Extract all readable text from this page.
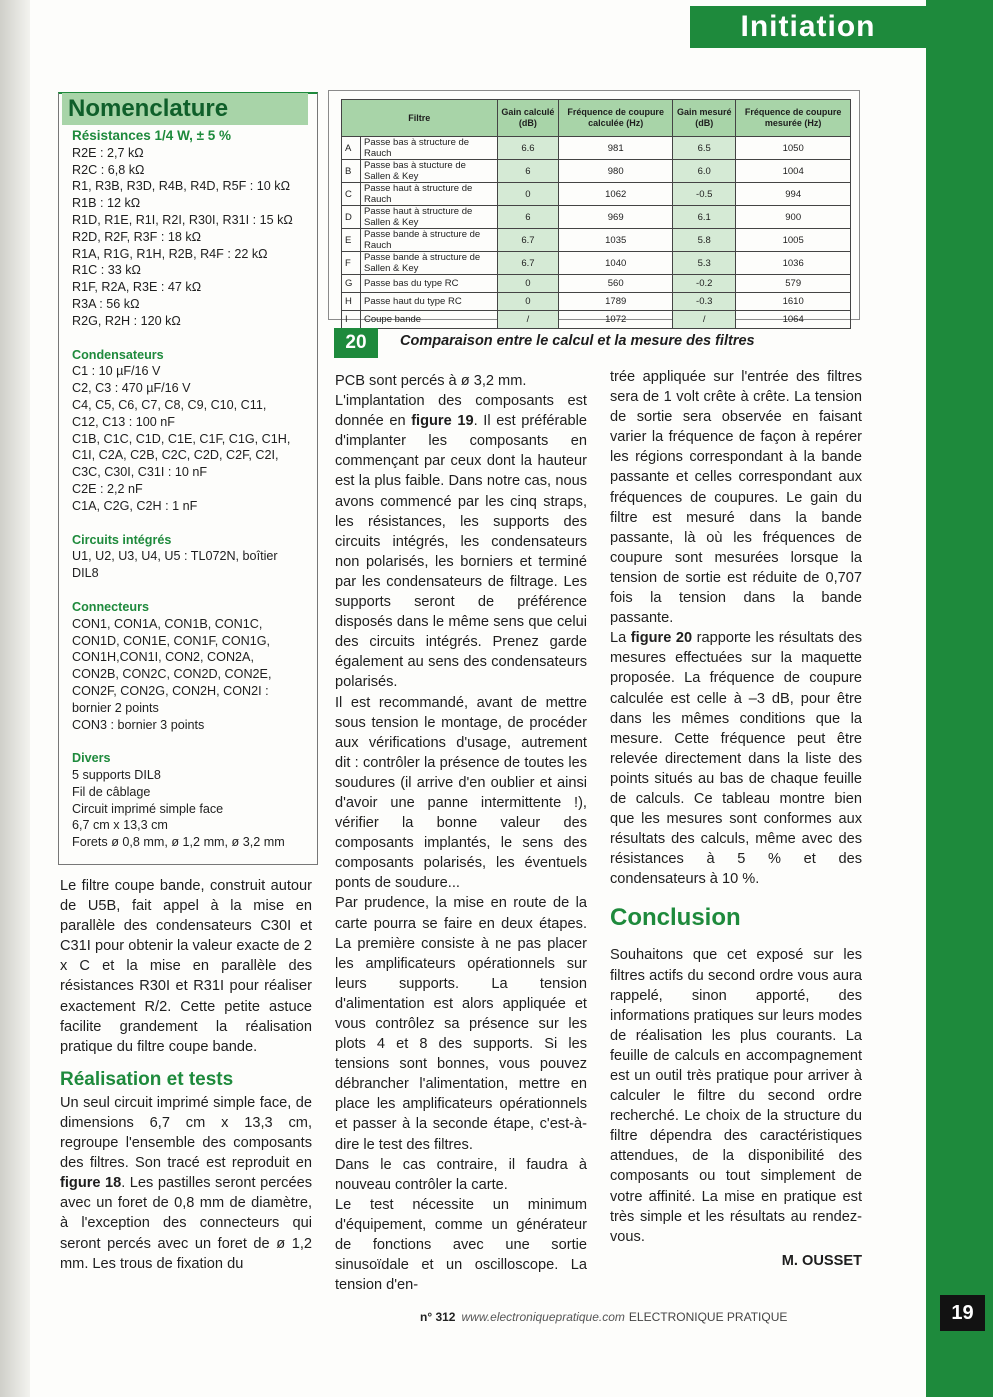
Initiation
Nomenclature
Résistances 1/4 W, ± 5 %
R2E : 2,7 kΩ
R2C : 6,8 kΩ
R1, R3B, R3D, R4B, R4D, R5F : 10 kΩ
R1B : 12 kΩ
R1D, R1E, R1I, R2I, R30I, R31I : 15 kΩ
R2D, R2F, R3F : 18 kΩ
R1A, R1G, R1H, R2B, R4F : 22 kΩ
R1C : 33 kΩ
R1F, R2A, R3E : 47 kΩ
R3A : 56 kΩ
R2G, R2H : 120 kΩ
Condensateurs
C1 : 10 µF/16 V
C2, C3 : 470 µF/16 V
C4, C5, C6, C7, C8, C9, C10, C11,
C12, C13 : 100 nF
C1B, C1C, C1D, C1E, C1F, C1G, C1H,
C1I, C2A, C2B, C2C, C2D, C2F, C2I,
C3C, C30I, C31I : 10 nF
C2E : 2,2 nF
C1A, C2G, C2H : 1 nF
Circuits intégrés
U1, U2, U3, U4, U5 : TL072N, boîtier
DIL8
Connecteurs
CON1, CON1A, CON1B, CON1C,
CON1D, CON1E, CON1F, CON1G,
CON1H,CON1I, CON2, CON2A,
CON2B, CON2C, CON2D, CON2E,
CON2F, CON2G, CON2H, CON2I :
bornier 2 points
CON3 : bornier 3 points
Divers
5 supports DIL8
Fil de câblage
Circuit imprimé simple face
6,7 cm x 13,3 cm
Forets ø 0,8 mm, ø 1,2 mm, ø 3,2 mm
Filtre		Gain calculé (dB)	Fréquence de coupure calculée (Hz)	Gain mesuré (dB)	Fréquence de coupure mesurée (Hz)
A	Passe bas à structure de Rauch	6.6	981	6.5	1050
B	Passe bas à stucture de Sallen & Key	6	980	6.0	1004
C	Passe haut à structure de Rauch	0	1062	-0.5	994
D	Passe haut à structure de Sallen & Key	6	969	6.1	900
E	Passe bande à structure de Rauch	6.7	1035	5.8	1005
F	Passe bande à structure de Sallen & Key	6.7	1040	5.3	1036
G	Passe bas du type RC	0	560	-0.2	579
H	Passe haut du type RC	0	1789	-0.3	1610
I	Coupe bande	/	1072	/	1064
20	Comparaison entre le calcul et la mesure des filtres

Le filtre coupe bande, construit autour de U5B, fait appel à la mise en parallèle des condensateurs C30I et C31I pour obtenir la valeur exacte de 2 x C et la mise en parallèle des résistances R30I et R31I pour réaliser exactement R/2. Cette petite astuce facilite grandement la réalisation pratique du filtre coupe bande.

Réalisation et tests

Un seul circuit imprimé simple face, de dimensions 6,7 cm x 13,3 cm, regroupe l'ensemble des composants des filtres. Son tracé est reproduit en figure 18. Les pastilles seront percées avec un foret de 0,8 mm de diamètre, à l'exception des connecteurs qui seront percés avec un foret de ø 1,2 mm. Les trous de fixation du

PCB sont percés à ø 3,2 mm.

L'implantation des composants est donnée en figure 19. Il est préférable d'implanter les composants en commençant par ceux dont la hauteur est la plus faible. Dans notre cas, nous avons commencé par les cinq straps, les résistances, les supports des circuits intégrés, les condensateurs non polarisés, les borniers et terminé par les condensateurs de filtrage. Les supports seront de préférence disposés dans le même sens que celui des circuits intégrés. Prenez garde également au sens des condensateurs polarisés.

Il est recommandé, avant de mettre sous tension le montage, de procéder aux vérifications d'usage, autrement dit : contrôler la présence de toutes les soudures (il arrive d'en oublier et ainsi d'avoir une panne intermittente !), vérifier la bonne valeur des composants implantés, le sens des composants polarisés, les éventuels ponts de soudure...

Par prudence, la mise en route de la carte pourra se faire en deux étapes. La première consiste à ne pas placer les amplificateurs opérationnels sur leurs supports. La tension d'alimentation est alors appliquée et vous contrôlez sa présence sur les plots 4 et 8 des supports. Si les tensions sont bonnes, vous pouvez débrancher l'alimentation, mettre en place les amplificateurs opérationnels et passer à la seconde étape, c'est-à-dire le test des filtres.

Dans le cas contraire, il faudra à nouveau contrôler la carte.

Le test nécessite un minimum d'équipement, comme un générateur de fonctions avec une sortie sinusoïdale et un oscilloscope. La tension d'en-

trée appliquée sur l'entrée des filtres sera de 1 volt crête à crête. La tension de sortie sera observée en faisant varier la fréquence de façon à repérer les régions correspondant à la bande passante et celles correspondant aux fréquences de coupures. Le gain du filtre est mesuré dans la bande passante, là où les fréquences de coupure sont mesurées lorsque la tension de sortie est réduite de 0,707 fois la tension dans la bande passante.

La figure 20 rapporte les résultats des mesures effectuées sur la maquette proposée. La fréquence de coupure calculée est celle à –3 dB, pour être dans les mêmes conditions que la mesure. Cette fréquence peut être relevée directement dans la liste des points situés au bas de chaque feuille de calculs. Ce tableau montre bien que les mesures sont conformes aux résultats des calculs, même avec des résistances à 5 % et des condensateurs à 10 %.

Conclusion

Souhaitons que cet exposé sur les filtres actifs du second ordre vous aura rappelé, sinon apporté, des informations pratiques sur leurs modes de réalisation les plus courants. La feuille de calculs en accompagnement est un outil très pratique pour arriver à calculer le filtre du second ordre recherché. Le choix de la structure du filtre dépendra des caractéristiques attendues, de la disponibilité des composants ou tout simplement de votre affinité. La mise en pratique est très simple et les résultats au rendez-vous.

M. OUSSET
n° 312 www.electroniquepratique.com ELECTRONIQUE PRATIQUE	19
